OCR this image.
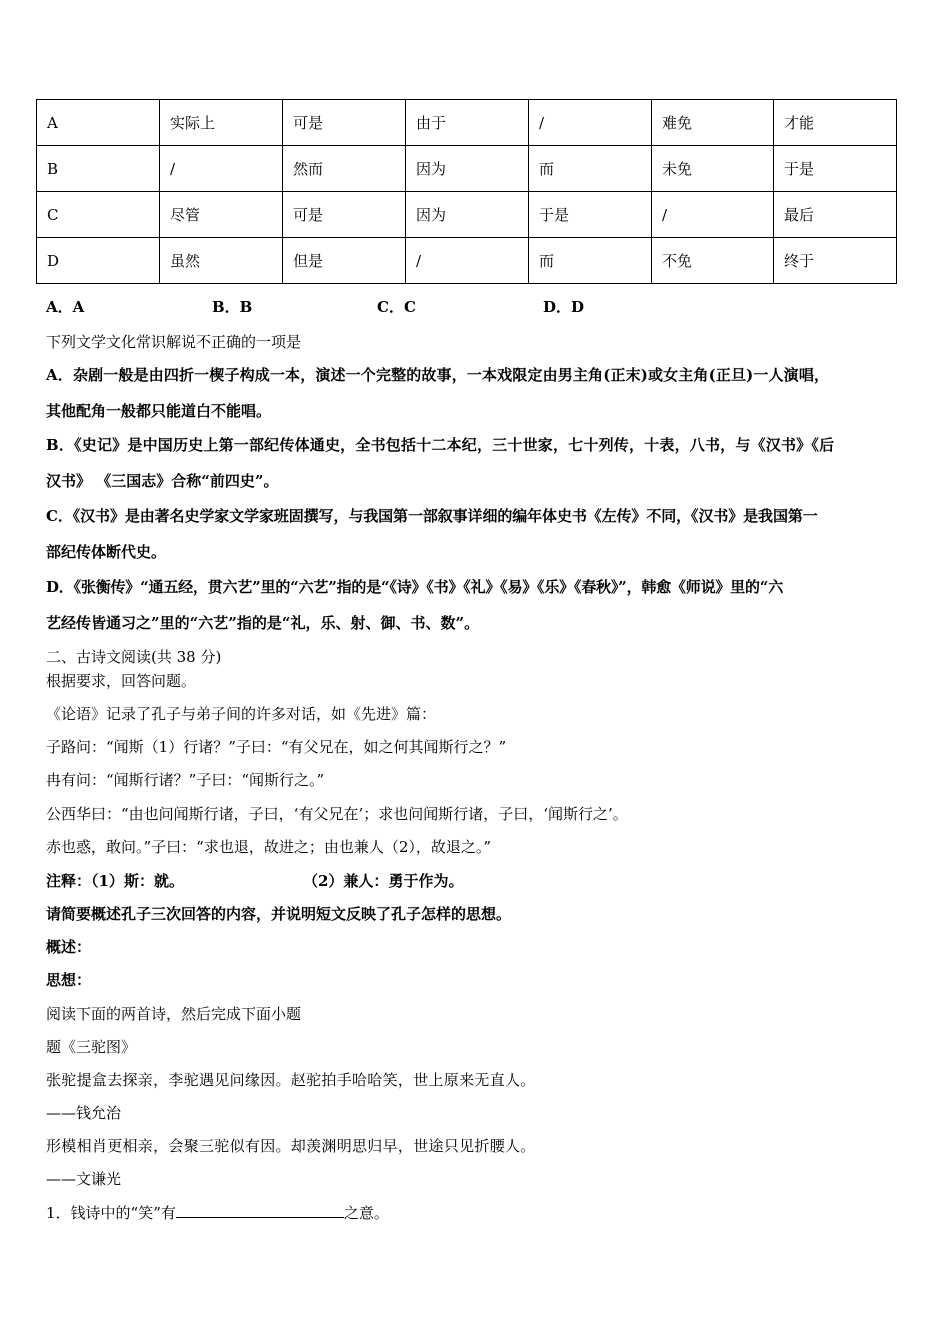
A	实际上	可是	由于	/	难免	才能
B	/	然而	因为	而	未免	于是
C	尽管	可是	因为	于是	/	最后
D	虽然	但是	/	而	不免	终于
A．A	B．B	C．C	D．D
下列文学文化常识解说不正确的一项是
A．杂剧一般是由四折一楔子构成一本，演述一个完整的故事，一本戏限定由男主角(正末)或女主角(正旦)一人演唱，
其他配角一般都只能道白不能唱。
B．《史记》是中国历史上第一部纪传体通史，全书包括十二本纪，三十世家，七十列传，十表，八书，与《汉书》《后
汉书》 《三国志》合称“前四史”。
C．《汉书》是由著名史学家文学家班固撰写，与我国第一部叙事详细的编年体史书《左传》不同，《汉书》是我国第一
部纪传体断代史。
D．《张衡传》“通五经，贯六艺”里的“六艺”指的是“《诗》《书》《礼》《易》《乐》《春秋》”，韩愈《师说》里的“六
艺经传皆通习之”里的“六艺”指的是“礼，乐、射、御、书、数”。
二、古诗文阅读(共 38 分)
根据要求，回答问题。
《论语》记录了孔子与弟子间的许多对话，如《先进》篇：
子路问：“闻斯（1）行诸？”子曰：“有父兄在，如之何其闻斯行之？”
冉有问：“闻斯行诸？”子曰：“闻斯行之。”
公西华曰：“由也问闻斯行诸，子曰，‘有父兄在’；求也问闻斯行诸，子曰，‘闻斯行之’。
赤也惑，敢问。”子曰：“求也退，故进之；由也兼人（2），故退之。”
注释：（1）斯：就。	（2）兼人：勇于作为。
请简要概述孔子三次回答的内容，并说明短文反映了孔子怎样的思想。
概述：
思想：
阅读下面的两首诗，然后完成下面小题
题《三驼图》
张驼提盒去探亲，李驼遇见问缘因。赵驼拍手哈哈笑，世上原来无直人。
——钱允治
形模相肖更相亲，会聚三驼似有因。却羡渊明思归早，世途只见折腰人。
——文谦光
1．钱诗中的“笑”有	之意。
